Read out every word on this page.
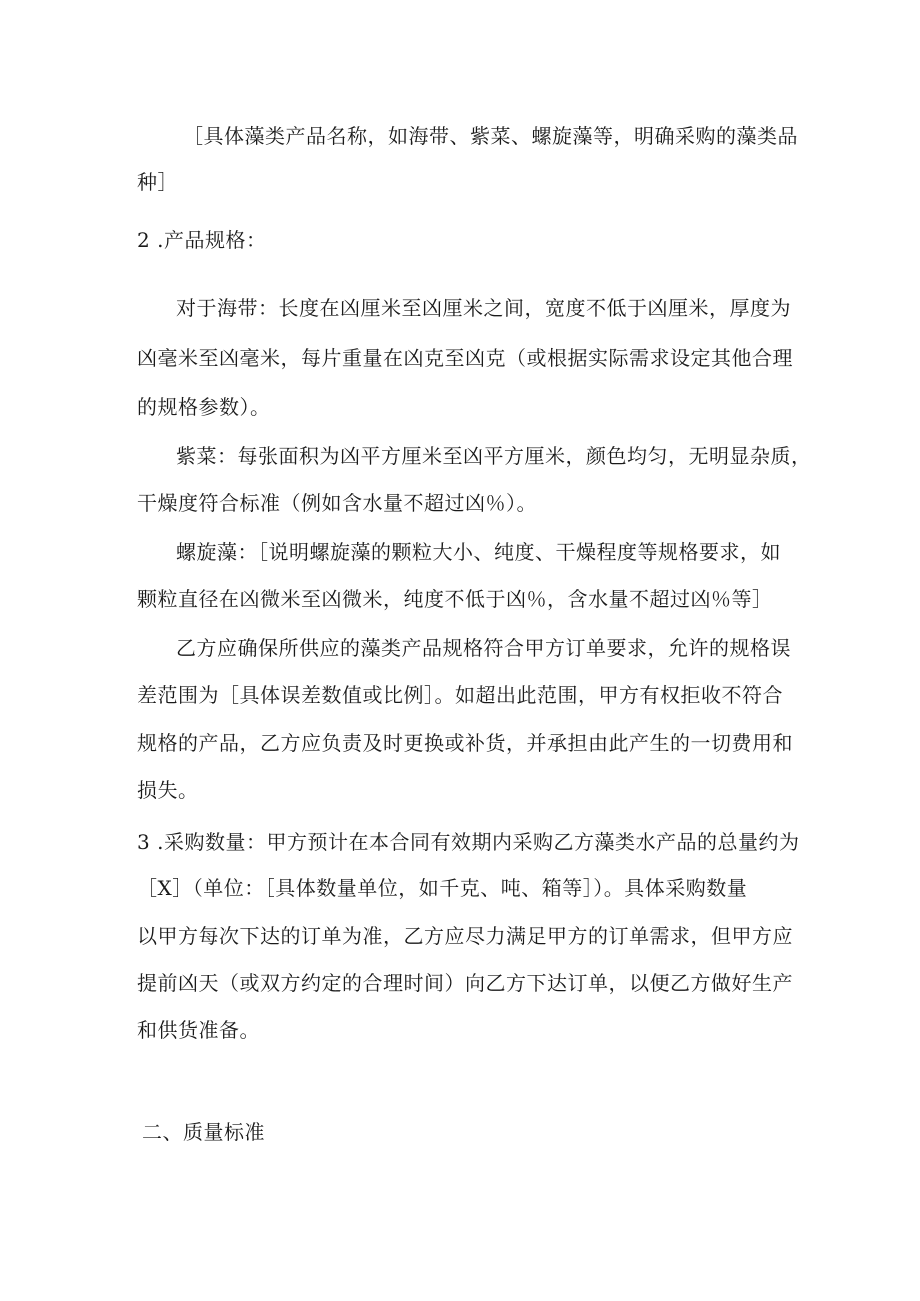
［具体藻类产品名称，如海带、紫菜、螺旋藻等，明确采购的藻类品
种］
2 .产品规格：
对于海带：长度在凶厘米至凶厘米之间，宽度不低于凶厘米，厚度为
凶毫米至凶毫米，每片重量在凶克至凶克（或根据实际需求设定其他合理
的规格参数）。
紫菜：每张面积为凶平方厘米至凶平方厘米，颜色均匀，无明显杂质，
干燥度符合标准（例如含水量不超过凶％）。
螺旋藻：［说明螺旋藻的颗粒大小、纯度、干燥程度等规格要求，如
颗粒直径在凶微米至凶微米，纯度不低于凶％，含水量不超过凶％等］
乙方应确保所供应的藻类产品规格符合甲方订单要求，允许的规格误
差范围为［具体误差数值或比例］。如超出此范围，甲方有权拒收不符合
规格的产品，乙方应负责及时更换或补货，并承担由此产生的一切费用和
损失。
3 .采购数量：甲方预计在本合同有效期内采购乙方藻类水产品的总量约为
［X］（单位：［具体数量单位，如千克、吨、箱等］）。具体采购数量
以甲方每次下达的订单为准，乙方应尽力满足甲方的订单需求，但甲方应
提前凶天（或双方约定的合理时间）向乙方下达订单，以便乙方做好生产
和供货准备。
二、质量标准
